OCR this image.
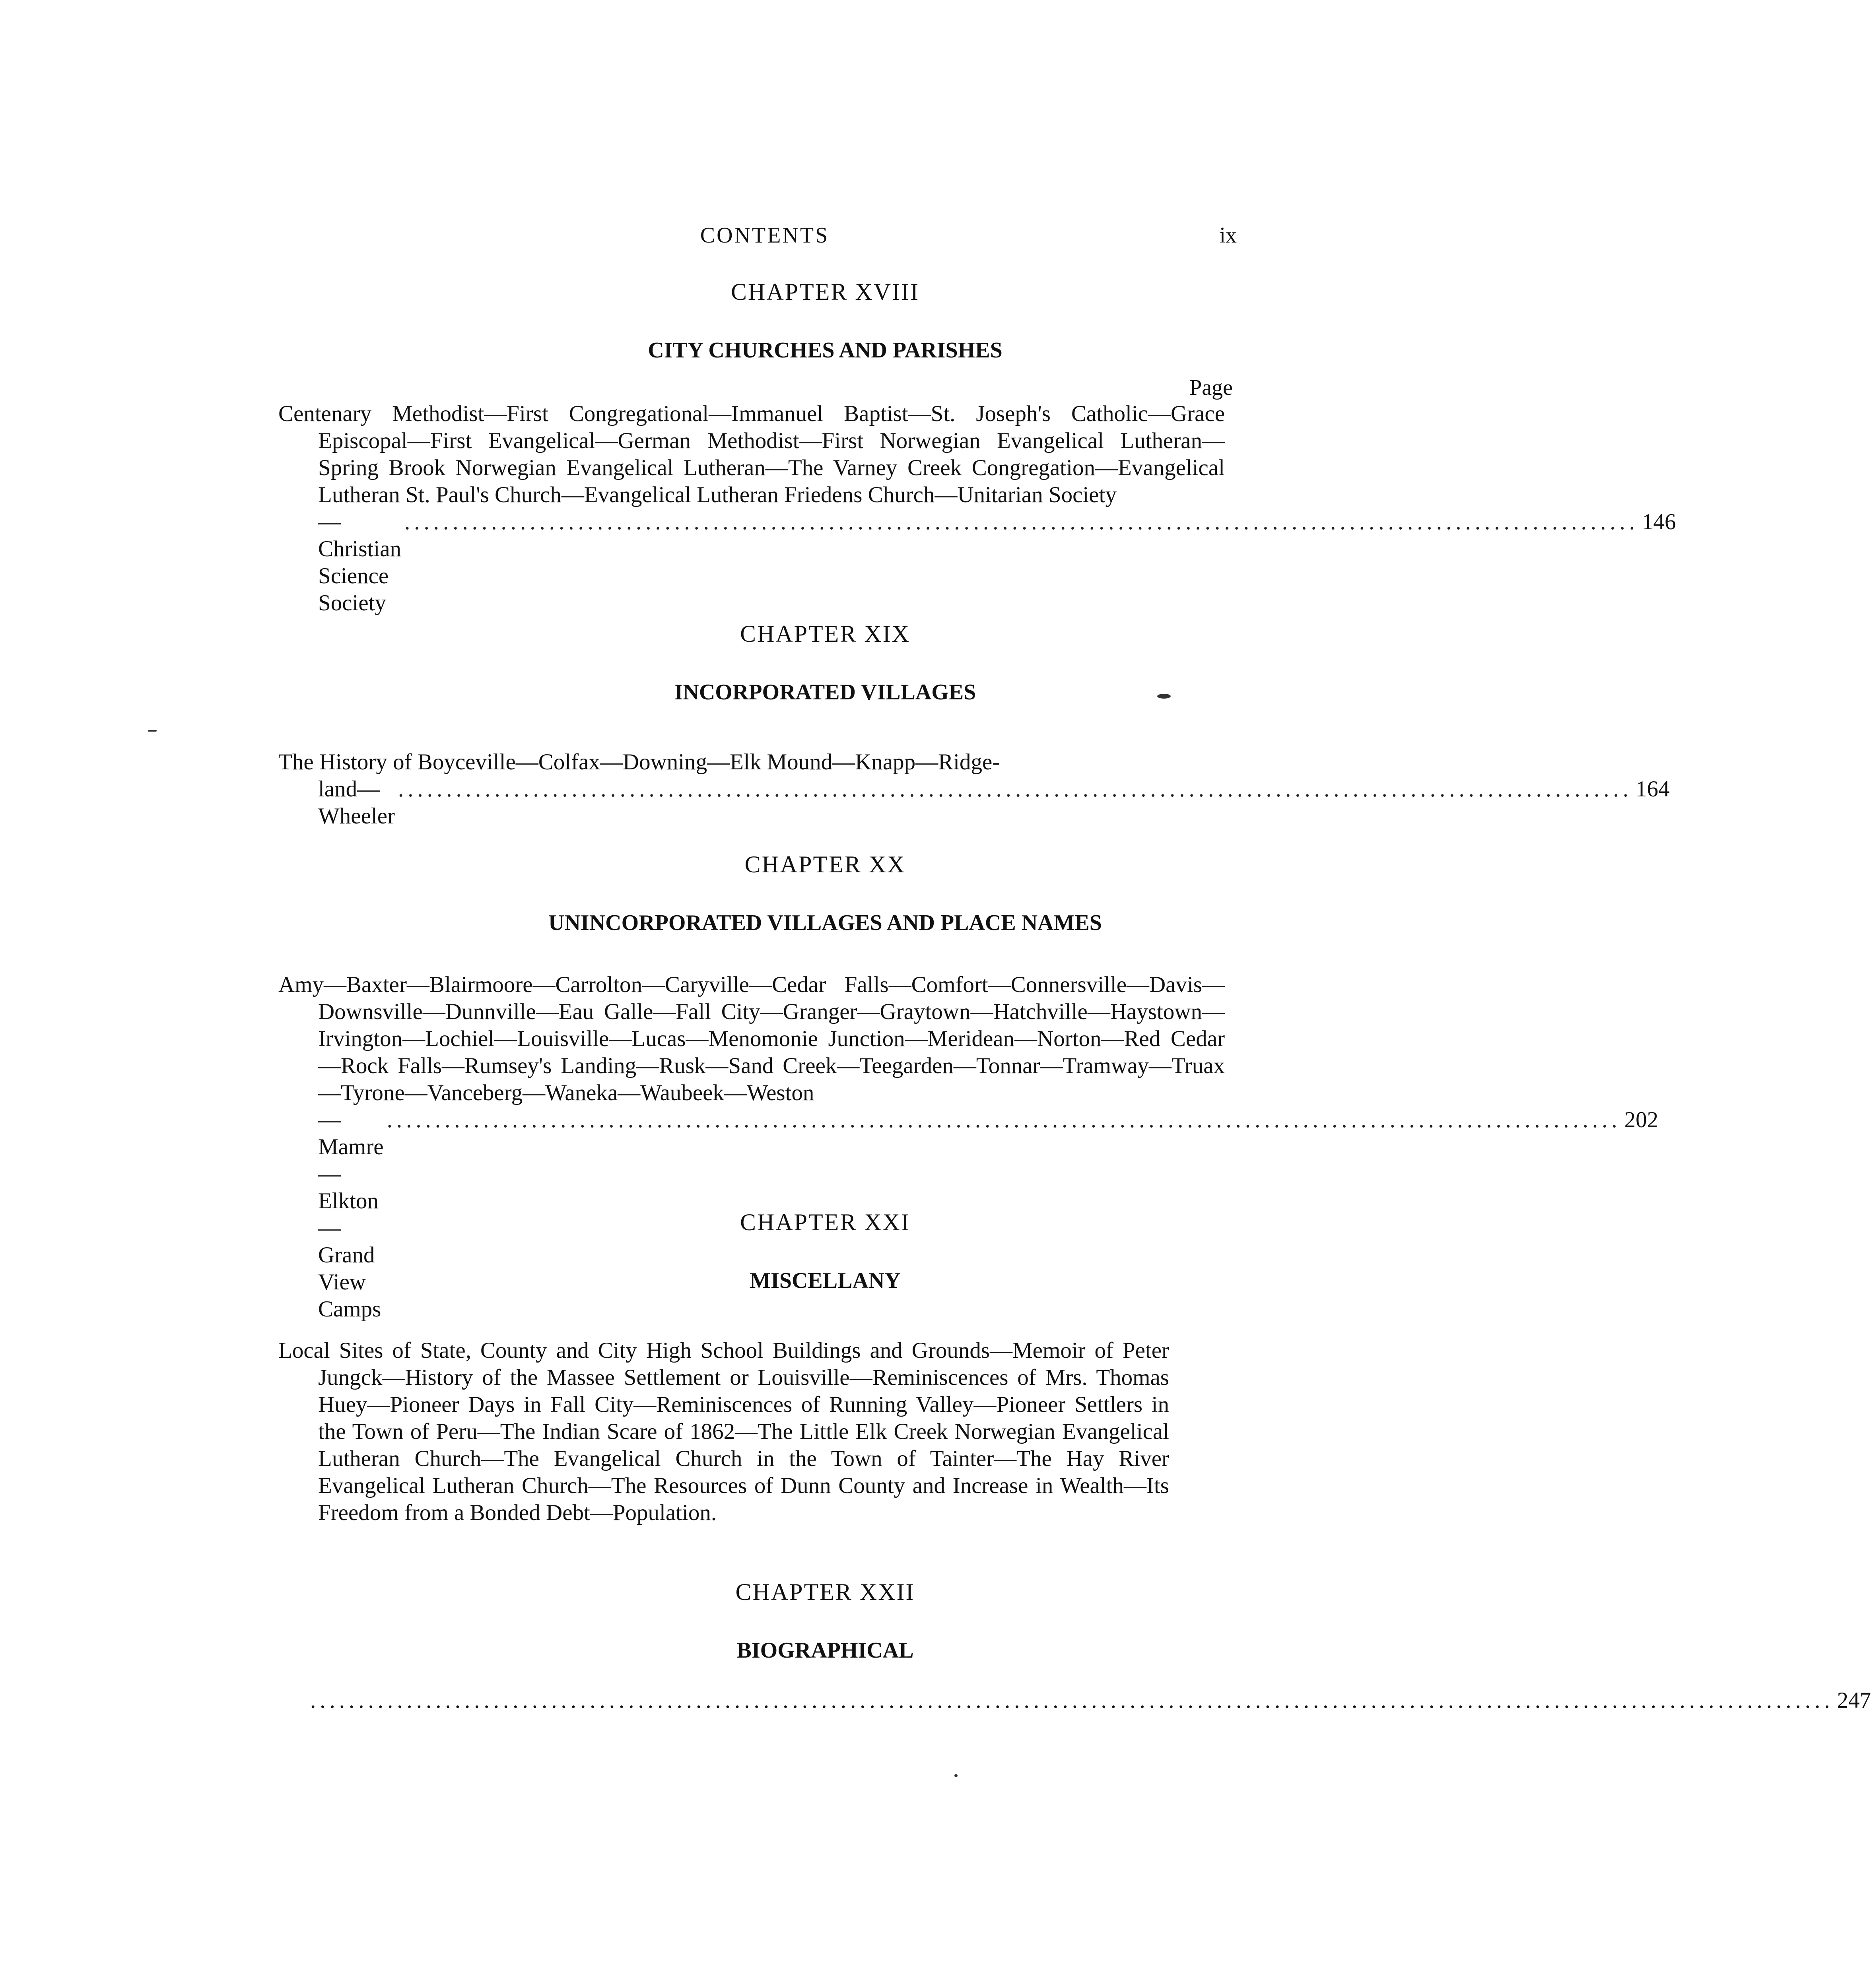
CONTENTS	ix
CHAPTER XVIII
CITY CHURCHES AND PARISHES
Page
Centenary Methodist—First Congregational—Immanuel Baptist—St. Joseph's Catholic—Grace Episcopal—First Evangelical—German Methodist—First Norwegian Evangelical Lutheran—Spring Brook Norwegian Evangelical Lutheran—The Varney Creek Congregation—Evangelical Lutheran St. Paul's Church—Evangelical Lutheran Friedens Church—Unitarian Society
—Christian Science Society
................................................................................................................................ 146
CHAPTER XIX
INCORPORATED VILLAGES
The History of Boyceville—Colfax—Downing—Elk Mound—Knapp—Ridge-
land—Wheeler
................................................................................................................................ 164
CHAPTER XX
UNINCORPORATED VILLAGES AND PLACE NAMES
Amy—Baxter—Blairmoore—Carrolton—Caryville—Cedar Falls—Comfort—Connersville—Davis—Downsville—Dunnville—Eau Galle—Fall City—Granger—Graytown—Hatchville—Haystown—Irvington—Lochiel—Louisville—Lucas—Menomonie Junction—Meridean—Norton—Red Cedar—Rock Falls—Rumsey's Landing—Rusk—Sand Creek—Teegarden—Tonnar—Tramway—Truax—Tyrone—Vanceberg—Waneka—Waubeek—Weston
—Mamre—Elkton—Grand View Camps
................................................................................................................................ 202
CHAPTER XXI
MISCELLANY
Local Sites of State, County and City High School Buildings and Grounds—Memoir of Peter Jungck—History of the Massee Settlement or Louisville—Reminiscences of Mrs. Thomas Huey—Pioneer Days in Fall City—Reminiscences of Running Valley—Pioneer Settlers in the Town of Peru—The Indian Scare of 1862—The Little Elk Creek Norwegian Evangelical Lutheran Church—The Evangelical Church in the Town of Tainter—The Hay River Evangelical Lutheran Church—The Resources of Dunn County and Increase in Wealth—Its Freedom from a Bonded Debt—Population.
CHAPTER XXII
BIOGRAPHICAL
.............................................................................................................................................................. 247
